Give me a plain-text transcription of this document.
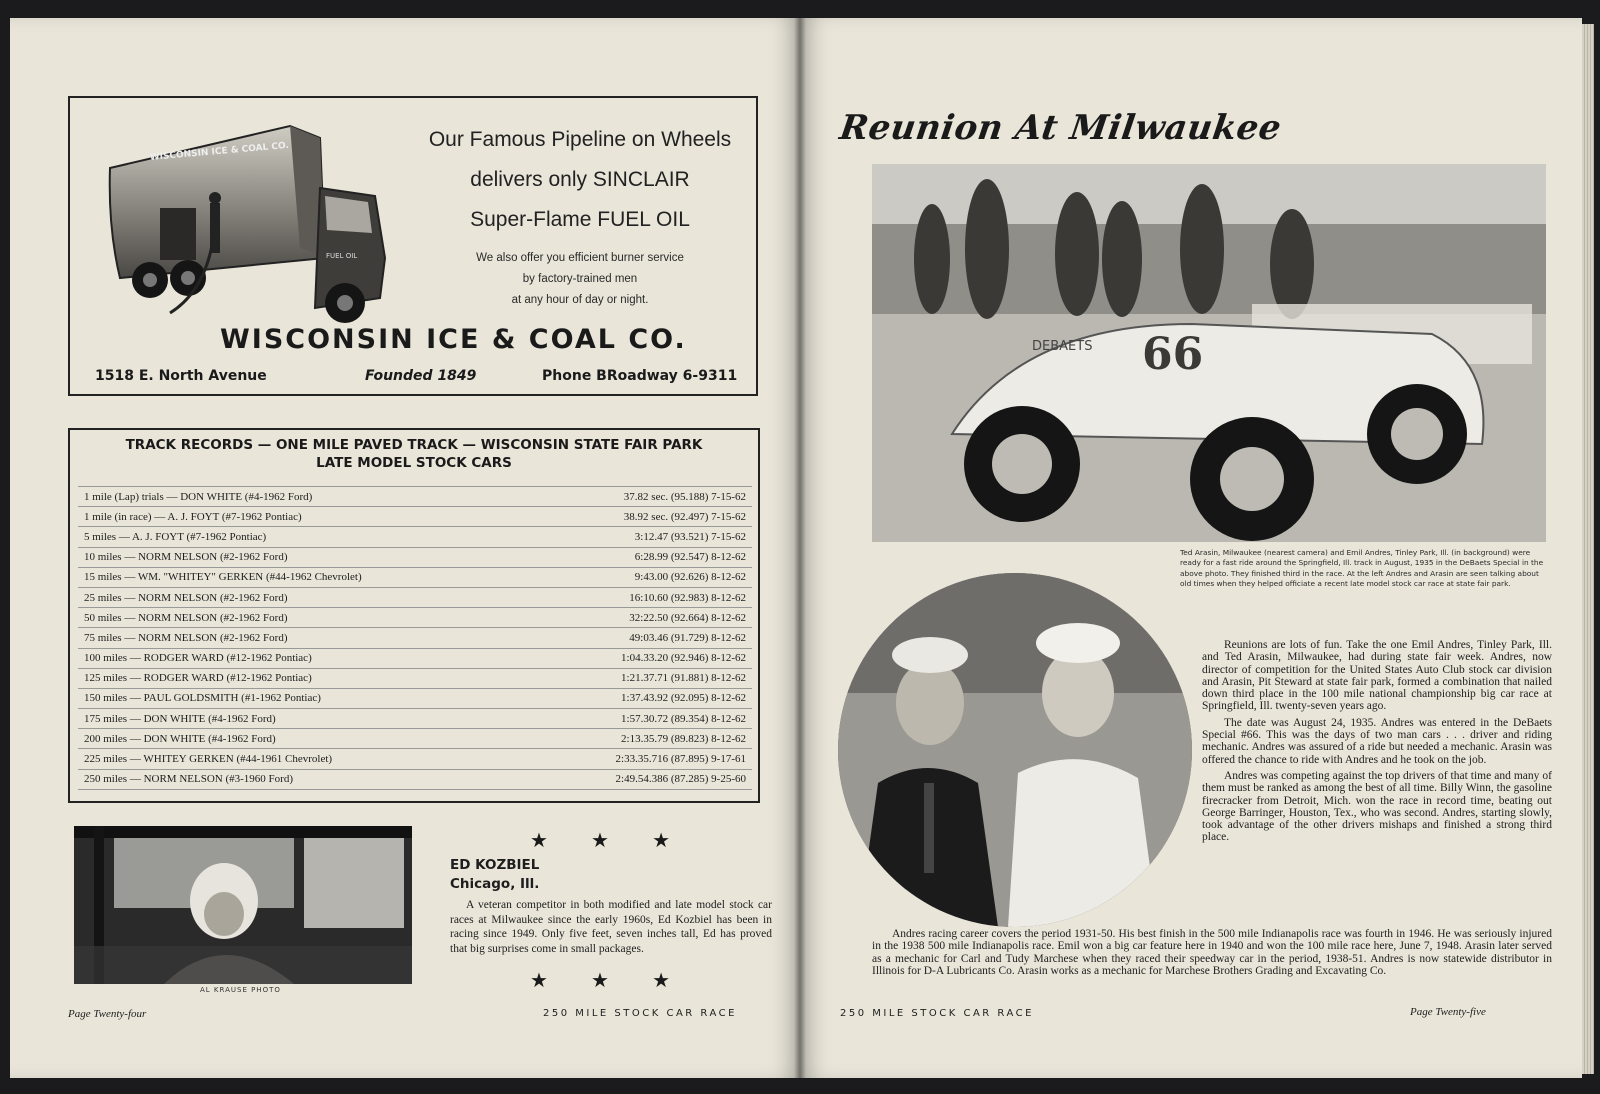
WISCONSIN ICE & COAL CO.
FUEL OIL
Our Famous Pipeline on Wheels
delivers only SINCLAIR
Super-Flame FUEL OIL
We also offer you efficient burner service
by factory-trained men
at any hour of day or night.
WISCONSIN ICE & COAL CO.
1518 E. North Avenue	Founded 1849	Phone BRoadway 6-9311
TRACK RECORDS — ONE MILE PAVED TRACK — WISCONSIN STATE FAIR PARK
LATE MODEL STOCK CARS
1 mile (Lap) trials — DON WHITE (#4-1962 Ford)	37.82 sec. (95.188) 7-15-62
1 mile (in race) — A. J. FOYT (#7-1962 Pontiac)	38.92 sec. (92.497) 7-15-62
5 miles — A. J. FOYT (#7-1962 Pontiac)	3:12.47 (93.521) 7-15-62
10 miles — NORM NELSON (#2-1962 Ford)	6:28.99 (92.547) 8-12-62
15 miles — WM. "WHITEY" GERKEN (#44-1962 Chevrolet)	9:43.00 (92.626) 8-12-62
25 miles — NORM NELSON (#2-1962 Ford)	16:10.60 (92.983) 8-12-62
50 miles — NORM NELSON (#2-1962 Ford)	32:22.50 (92.664) 8-12-62
75 miles — NORM NELSON (#2-1962 Ford)	49:03.46 (91.729) 8-12-62
100 miles — RODGER WARD (#12-1962 Pontiac)	1:04.33.20 (92.946) 8-12-62
125 miles — RODGER WARD (#12-1962 Pontiac)	1:21.37.71 (91.881) 8-12-62
150 miles — PAUL GOLDSMITH (#1-1962 Pontiac)	1:37.43.92 (92.095) 8-12-62
175 miles — DON WHITE (#4-1962 Ford)	1:57.30.72 (89.354) 8-12-62
200 miles — DON WHITE (#4-1962 Ford)	2:13.35.79 (89.823) 8-12-62
225 miles — WHITEY GERKEN (#44-1961 Chevrolet)	2:33.35.716 (87.895) 9-17-61
250 miles — NORM NELSON (#3-1960 Ford)	2:49.54.386 (87.285) 9-25-60
AL KRAUSE PHOTO
★ ★ ★
ED KOZBIEL
Chicago, Ill.

A veteran competitor in both modified and late model stock car races at Milwaukee since the early 1960s, Ed Kozbiel has been in racing since 1949. Only five feet, seven inches tall, Ed has proved that big surprises come in small packages.

★ ★ ★
Page Twenty-four	250 MILE STOCK CAR RACE
Reunion At Milwaukee
66
DEBAETS
Ted Arasin, Milwaukee (nearest camera) and Emil Andres, Tinley Park, Ill. (in background) were ready for a fast ride around the Springfield, Ill. track in August, 1935 in the DeBaets Special in the above photo. They finished third in the race. At the left Andres and Arasin are seen talking about old times when they helped officiate a recent late model stock car race at state fair park.

Reunions are lots of fun. Take the one Emil Andres, Tinley Park, Ill. and Ted Arasin, Milwaukee, had during state fair week. Andres, now director of competition for the United States Auto Club stock car division and Arasin, Pit Steward at state fair park, formed a combination that nailed down third place in the 100 mile national championship big car race at Springfield, Ill. twenty-seven years ago.

The date was August 24, 1935. Andres was entered in the DeBaets Special #66. This was the days of two man cars . . . driver and riding mechanic. Andres was assured of a ride but needed a mechanic. Arasin was offered the chance to ride with Andres and he took on the job.

Andres was competing against the top drivers of that time and many of them must be ranked as among the best of all time. Billy Winn, the gasoline firecracker from Detroit, Mich. won the race in record time, beating out George Barringer, Houston, Tex., who was second. Andres, starting slowly, took advantage of the other drivers mishaps and finished a strong third place.

Andres racing career covers the period 1931-50. His best finish in the 500 mile Indianapolis race was fourth in 1946. He was seriously injured in the 1938 500 mile Indianapolis race. Emil won a big car feature here in 1940 and won the 100 mile race here, June 7, 1948. Arasin later served as a mechanic for Carl and Tudy Marchese when they raced their speedway car in the period, 1938-51. Andres is now statewide distributor in Illinois for D-A Lubricants Co. Arasin works as a mechanic for Marchese Brothers Grading and Excavating Co.

250 MILE STOCK CAR RACE	Page Twenty-five
